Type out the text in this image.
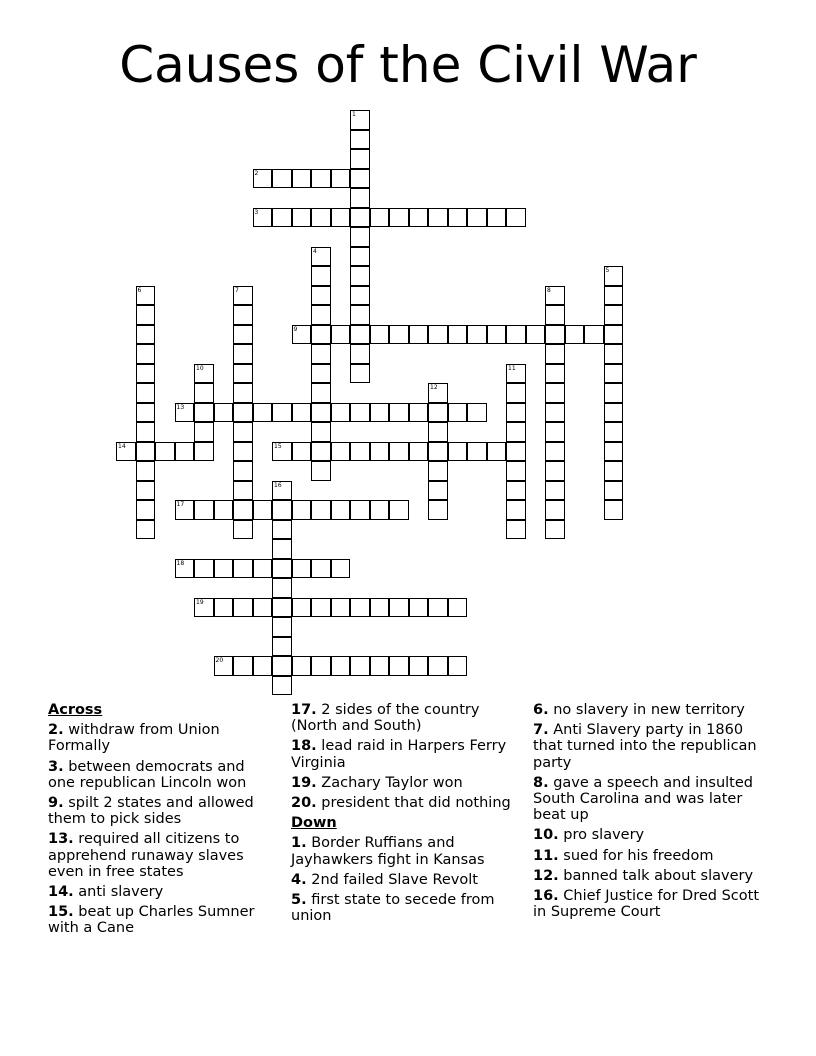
Causes of the Civil War
1
2
3
4
5
6	7	8
9
10	11
12
13
14	15
16
17
18
19
20
Across
2. withdraw from Union Formally
3. between democrats and one republican Lincoln won
9. spilt 2 states and allowed them to pick sides
13. required all citizens to apprehend runaway slaves even in free states
14. anti slavery
15. beat up Charles Sumner with a Cane
17. 2 sides of the country (North and South)
18. lead raid in Harpers Ferry Virginia
19. Zachary Taylor won
20. president that did nothing
Down
1. Border Ruffians and Jayhawkers fight in Kansas
4. 2nd failed Slave Revolt
5. first state to secede from union
6. no slavery in new territory
7. Anti Slavery party in 1860 that turned into the republican party
8. gave a speech and insulted South Carolina and was later beat up
10. pro slavery
11. sued for his freedom
12. banned talk about slavery
16. Chief Justice for Dred Scott in Supreme Court
